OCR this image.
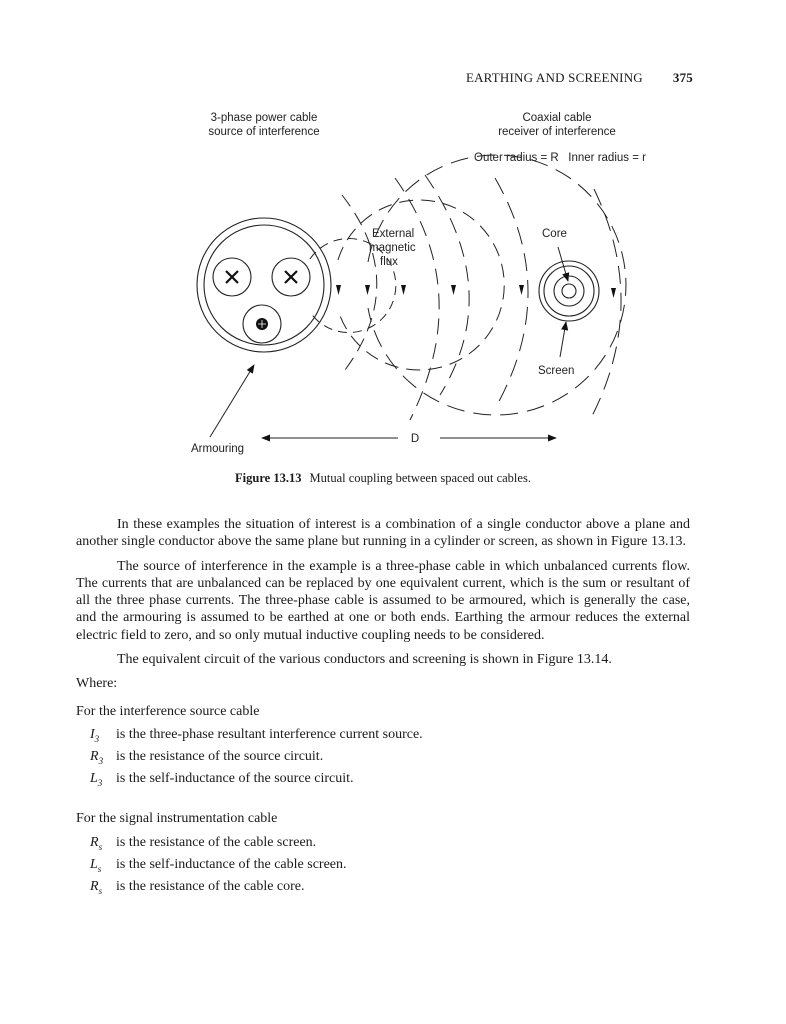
EARTHING AND SCREENING 375
3-phase power cable
source of interference
Coaxial cable
receiver of interference
Outer radius = R   Inner radius = r
External
magnetic
flux
Core
Screen
Armouring
D
Figure 13.13 Mutual coupling between spaced out cables.

In these examples the situation of interest is a combination of a single conductor above a plane and another single conductor above the same plane but running in a cylinder or screen, as shown in Figure 13.13.

The source of interference in the example is a three-phase cable in which unbalanced currents flow. The currents that are unbalanced can be replaced by one equivalent current, which is the sum or resultant of all the three phase currents. The three-phase cable is assumed to be armoured, which is generally the case, and the armouring is assumed to be earthed at one or both ends. Earthing the armour reduces the external electric field to zero, and so only mutual inductive coupling needs to be considered.

The equivalent circuit of the various conductors and screening is shown in Figure 13.14.

Where:

For the interference source cable

$I_3$	is the three-phase resultant interference current source.
$R_3$ is the resistance of the source circuit.
$L_3$ is the self-inductance of the source circuit.

For the signal instrumentation cable

$R_s$ is the resistance of the cable screen.
$L_s$	is the self-inductance of the cable screen.
$R_s$ is the resistance of the cable core.
